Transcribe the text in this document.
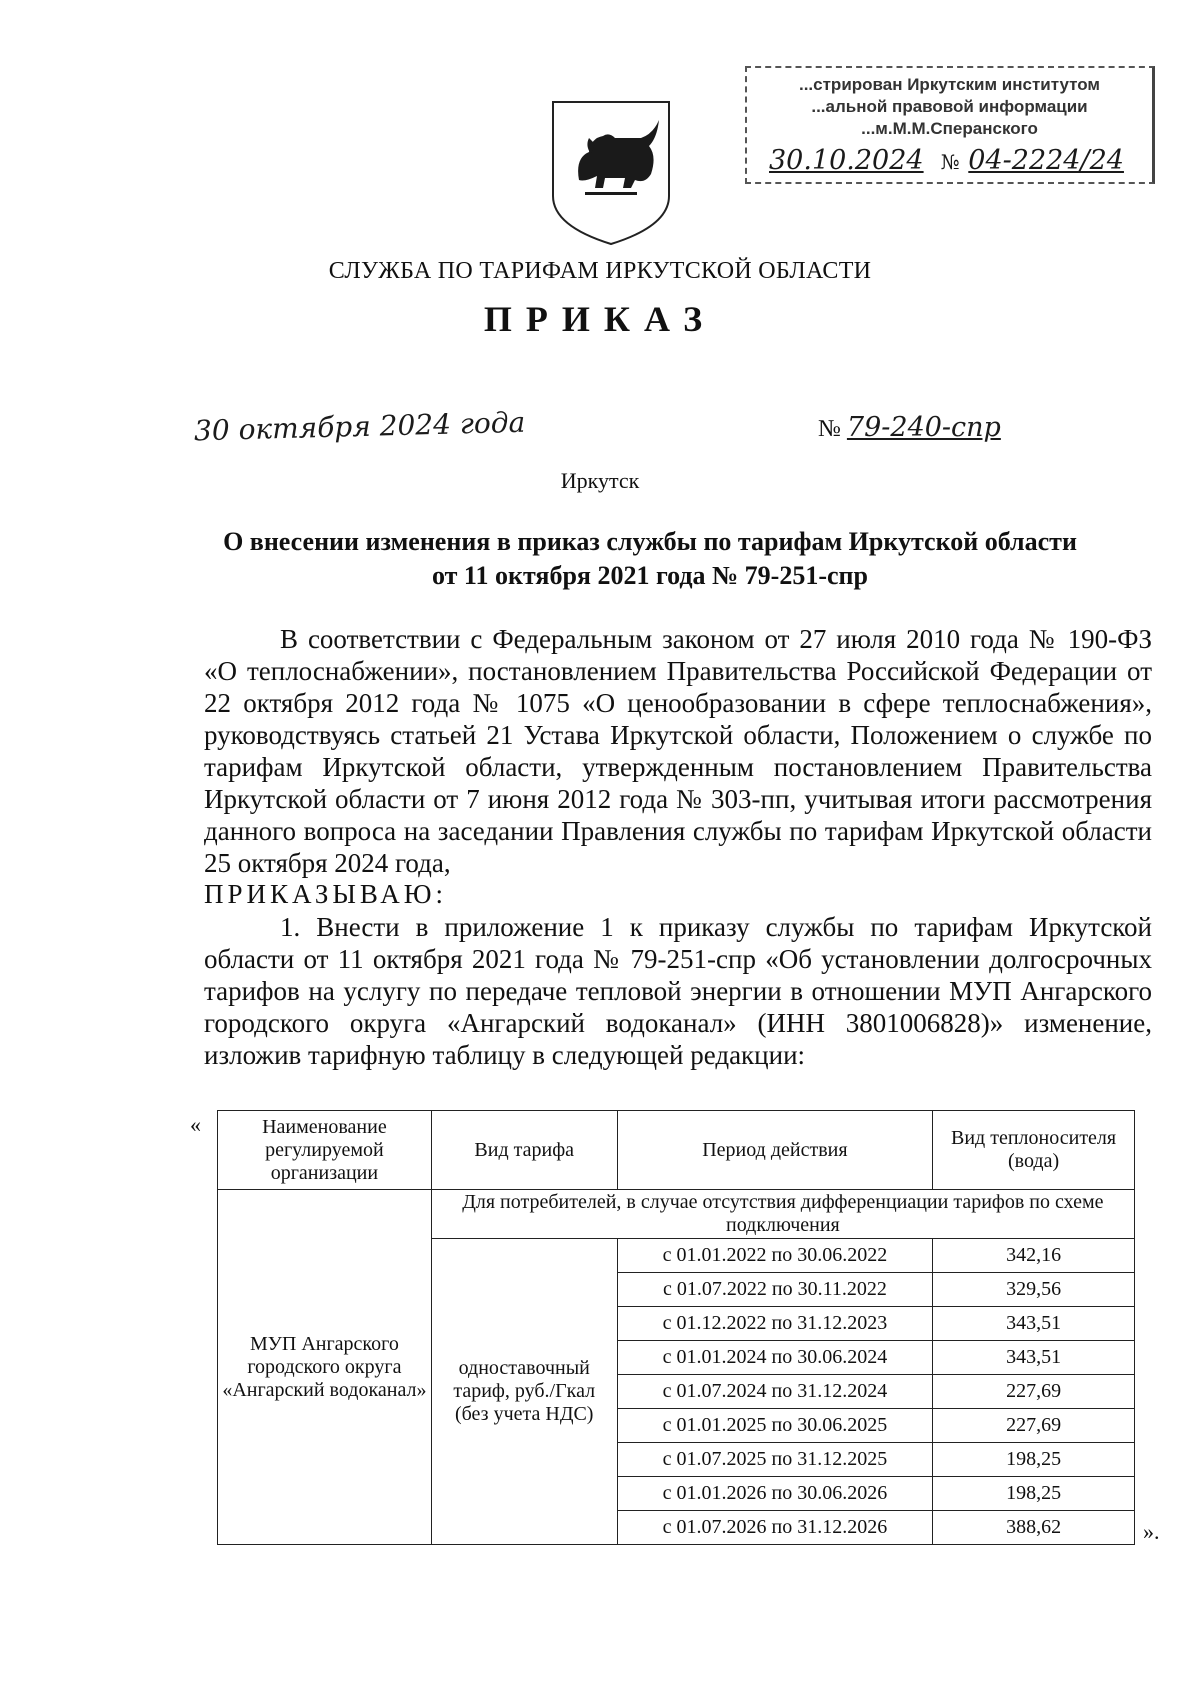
...стрирован Иркутским институтом
...альной правовой информации
...м.М.М.Сперанского
30.10.2024 № 04-2224/24
СЛУЖБА ПО ТАРИФАМ ИРКУТСКОЙ ОБЛАСТИ
ПРИКАЗ
30 октября 2024 года	№ 79-240-спр
Иркутск
О внесении изменения в приказ службы по тарифам Иркутской области
от 11 октября 2021 года № 79-251-спр
В соответствии с Федеральным законом от 27 июля 2010 года № 190-ФЗ «О теплоснабжении», постановлением Правительства Российской Федерации от 22 октября 2012 года № 1075 «О ценообразовании в сфере теплоснабжения», руководствуясь статьей 21 Устава Иркутской области, Положением о службе по тарифам Иркутской области, утвержденным постановлением Правительства Иркутской области от 7 июня 2012 года № 303-пп, учитывая итоги рассмотрения данного вопроса на заседании Правления службы по тарифам Иркутской области 25 октября 2024 года,
ПРИКАЗЫВАЮ:
1. Внести в приложение 1 к приказу службы по тарифам Иркутской области от 11 октября 2021 года № 79-251-спр «Об установлении долгосрочных тарифов на услугу по передаче тепловой энергии в отношении МУП Ангарского городского округа «Ангарский водоканал» (ИНН 3801006828)» изменение, изложив тарифную таблицу в следующей редакции:
«	Наименование регулируемой организации	Вид тарифа	Период действия	Вид теплоносителя (вода)
МУП Ангарского городского округа «Ангарский водоканал»	Для потребителей, в случае отсутствия дифференциации тарифов по схеме подключения		
	одноставочный тариф, руб./Гкал (без учета НДС)	с 01.01.2022 по 30.06.2022	342,16
		с 01.07.2022 по 30.11.2022	329,56
		с 01.12.2022 по 31.12.2023	343,51
		с 01.01.2024 по 30.06.2024	343,51
		с 01.07.2024 по 31.12.2024	227,69
		с 01.01.2025 по 30.06.2025	227,69
		с 01.07.2025 по 31.12.2025	198,25
		с 01.01.2026 по 30.06.2026	198,25
		с 01.07.2026 по 31.12.2026	388,62	».
